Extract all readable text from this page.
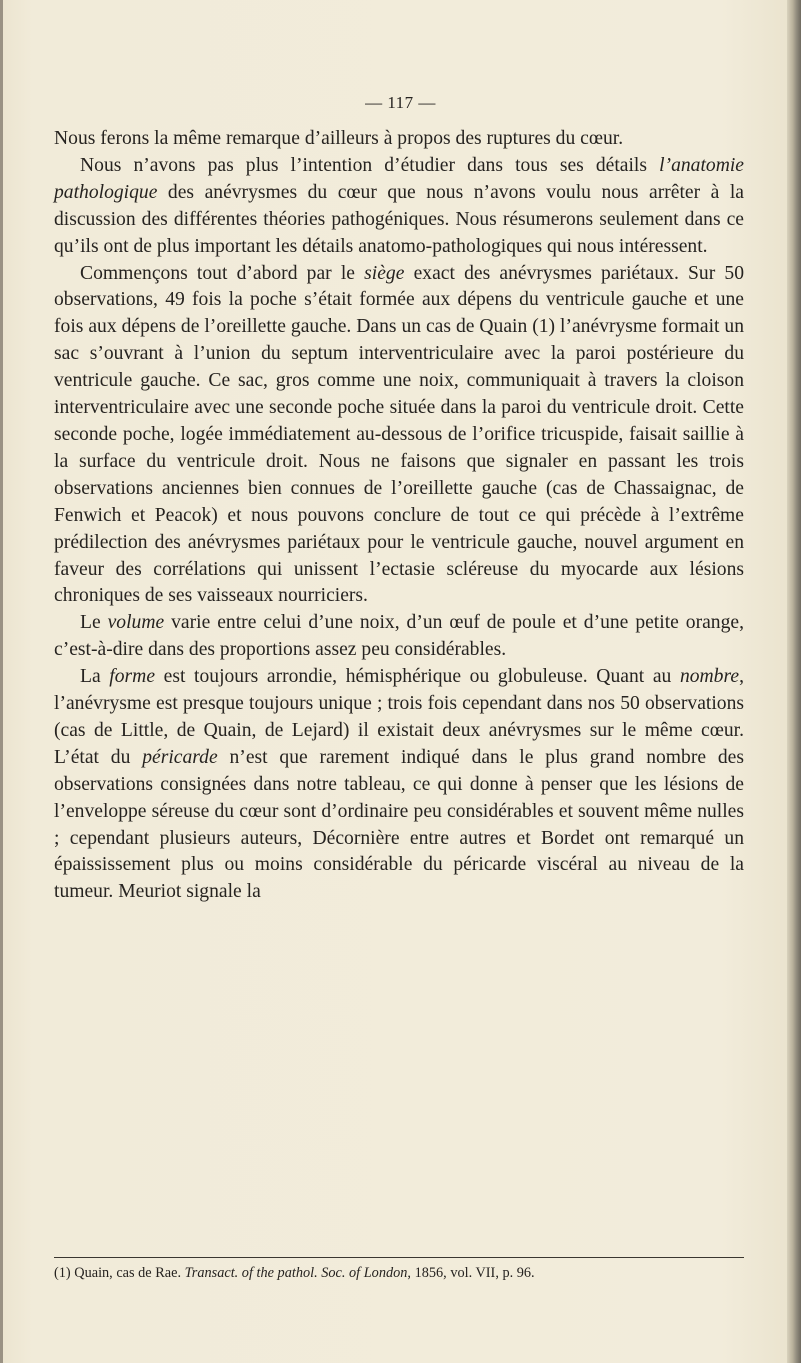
— 117 —

Nous ferons la même remarque d’ailleurs à propos des ruptures du cœur.

Nous n’avons pas plus l’intention d’étudier dans tous ses détails l’anatomie pathologique des anévrysmes du cœur que nous n’avons voulu nous arrêter à la discussion des différentes théories pathogéniques. Nous résumerons seulement dans ce qu’ils ont de plus important les détails anatomo-pathologiques qui nous intéressent.

Commençons tout d’abord par le siège exact des anévrysmes pariétaux. Sur 50 observations, 49 fois la poche s’était formée aux dépens du ventricule gauche et une fois aux dépens de l’oreillette gauche. Dans un cas de Quain (1) l’anévrysme formait un sac s’ouvrant à l’union du septum interventriculaire avec la paroi postérieure du ventricule gauche. Ce sac, gros comme une noix, communiquait à travers la cloison interventriculaire avec une seconde poche située dans la paroi du ventricule droit. Cette seconde poche, logée immédiatement au-dessous de l’orifice tricuspide, faisait saillie à la surface du ventricule droit. Nous ne faisons que signaler en passant les trois observations anciennes bien connues de l’oreillette gauche (cas de Chassaignac, de Fenwich et Peacok) et nous pouvons conclure de tout ce qui précède à l’extrême prédilection des anévrysmes pariétaux pour le ventricule gauche, nouvel argument en faveur des corrélations qui unissent l’ectasie scléreuse du myocarde aux lésions chroniques de ses vaisseaux nourriciers.

Le volume varie entre celui d’une noix, d’un œuf de poule et d’une petite orange, c’est-à-dire dans des proportions assez peu considérables.

La forme est toujours arrondie, hémisphérique ou globuleuse. Quant au nombre, l’anévrysme est presque toujours unique ; trois fois cependant dans nos 50 observations (cas de Little, de Quain, de Lejard) il existait deux anévrysmes sur le même cœur. L’état du péricarde n’est que rarement indiqué dans le plus grand nombre des observations consignées dans notre tableau, ce qui donne à penser que les lésions de l’enveloppe séreuse du cœur sont d’ordinaire peu considérables et souvent même nulles ; cependant plusieurs auteurs, Décornière entre autres et Bordet ont remarqué un épaississement plus ou moins considérable du péricarde viscéral au niveau de la tumeur. Meuriot signale la

(1) Quain, cas de Rae. Transact. of the pathol. Soc. of London, 1856, vol. VII, p. 96.
